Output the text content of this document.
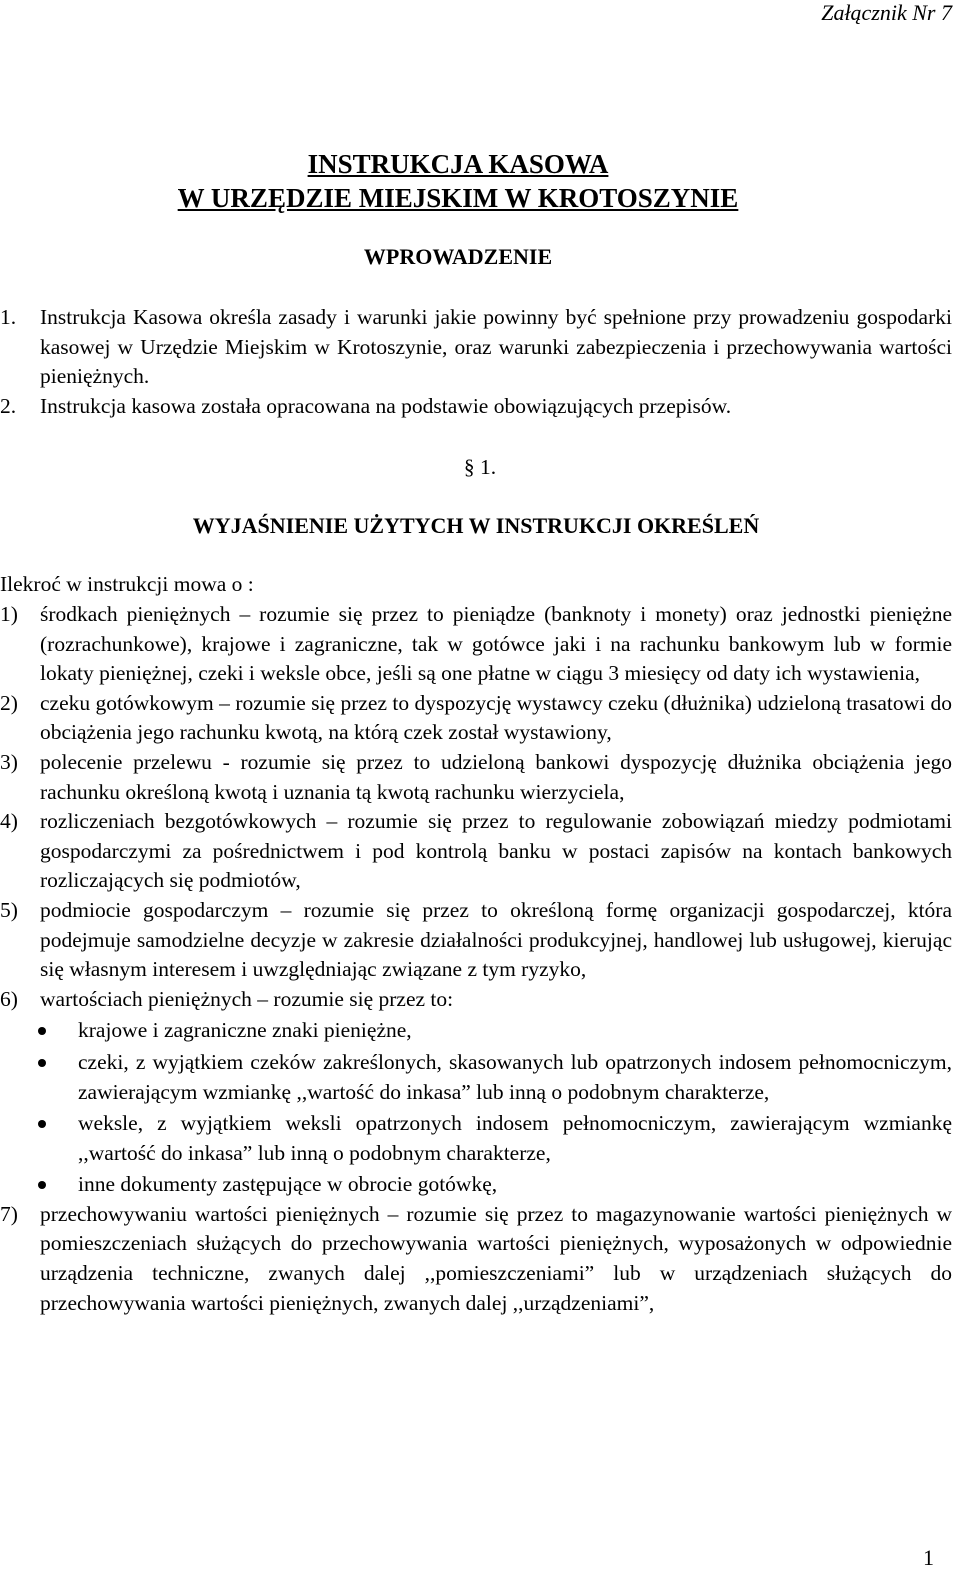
Załącznik Nr 7
INSTRUKCJA KASOWA
W URZĘDZIE MIEJSKIM W KROTOSZYNIE
WPROWADZENIE
1. Instrukcja Kasowa określa zasady i warunki jakie powinny być spełnione przy prowadzeniu gospodarki kasowej w Urzędzie Miejskim w Krotoszynie, oraz warunki zabezpieczenia i przechowywania wartości pieniężnych.
2. Instrukcja kasowa została opracowana na podstawie obowiązujących przepisów.
§ 1.
WYJAŚNIENIE UŻYTYCH W INSTRUKCJI OKREŚLEŃ
Ilekroć w instrukcji mowa o :
1) środkach pieniężnych – rozumie się przez to pieniądze (banknoty i monety) oraz jednostki pieniężne (rozrachunkowe), krajowe i zagraniczne, tak w gotówce jaki i na rachunku bankowym lub w formie lokaty pieniężnej, czeki i weksle obce, jeśli są one płatne w ciągu 3 miesięcy od daty ich wystawienia,
2) czeku gotówkowym – rozumie się przez to dyspozycję wystawcy czeku (dłużnika) udzieloną trasatowi do obciążenia jego rachunku kwotą, na którą czek został wystawiony,
3) polecenie przelewu - rozumie się przez to udzieloną bankowi dyspozycję dłużnika obciążenia jego rachunku określoną kwotą i uznania tą kwotą rachunku wierzyciela,
4) rozliczeniach bezgotówkowych – rozumie się przez to regulowanie zobowiązań miedzy podmiotami gospodarczymi za pośrednictwem i pod kontrolą banku w postaci zapisów na kontach bankowych rozliczających się podmiotów,
5) podmiocie gospodarczym – rozumie się przez to określoną formę organizacji gospodarczej, która podejmuje samodzielne decyzje w zakresie działalności produkcyjnej, handlowej lub usługowej, kierując się własnym interesem i uwzględniając związane z tym ryzyko,
6) wartościach pieniężnych – rozumie się przez to:
krajowe i zagraniczne znaki pieniężne,
czeki, z wyjątkiem czeków zakreślonych, skasowanych lub opatrzonych indosem pełnomocniczym, zawierającym wzmiankę ,,wartość do inkasa” lub inną o podobnym charakterze,
weksle, z wyjątkiem weksli opatrzonych indosem pełnomocniczym, zawierającym wzmiankę ,,wartość do inkasa” lub inną o podobnym charakterze,
inne dokumenty zastępujące w obrocie gotówkę,
7) przechowywaniu wartości pieniężnych – rozumie się przez to magazynowanie wartości pieniężnych w pomieszczeniach służących do przechowywania wartości pieniężnych, wyposażonych w odpowiednie urządzenia techniczne, zwanych dalej ,,pomieszczeniami” lub w urządzeniach służących do przechowywania wartości pieniężnych, zwanych dalej ,,urządzeniami”,
1
